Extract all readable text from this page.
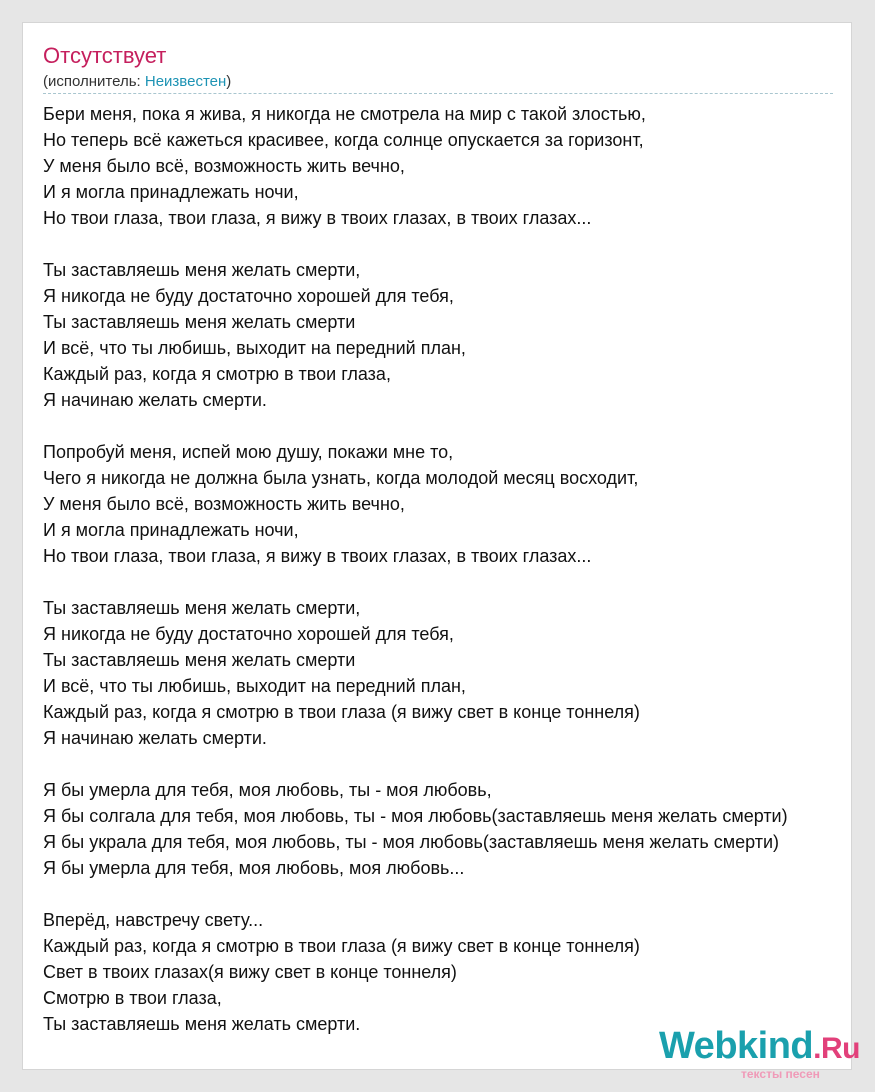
Отсутствует
(исполнитель: Неизвестен)
Бери меня, пока я жива, я никогда не смотрела на мир с такой злостью,
Но теперь всё кажеться красивее, когда солнце опускается за горизонт,
У меня было всё, возможность жить вечно,
И я могла принадлежать ночи,
Но твои глаза, твои глаза, я вижу в твоих глазах, в твоих глазах...
Ты заставляешь меня желать смерти,
Я никогда не буду достаточно хорошей для тебя,
Ты заставляешь меня желать смерти
И всё, что ты любишь, выходит на передний план,
Каждый раз, когда я смотрю в твои глаза,
Я начинаю желать смерти.
Попробуй меня, испей мою душу, покажи мне то,
Чего я никогда не должна была узнать, когда молодой месяц восходит,
У меня было всё, возможность жить вечно,
И я могла принадлежать ночи,
Но твои глаза, твои глаза, я вижу в твоих глазах, в твоих глазах...
Ты заставляешь меня желать смерти,
Я никогда не буду достаточно хорошей для тебя,
Ты заставляешь меня желать смерти
И всё, что ты любишь, выходит на передний план,
Каждый раз, когда я смотрю в твои глаза (я вижу свет в конце тоннеля)
Я начинаю желать смерти.
Я бы умерла для тебя, моя любовь, ты - моя любовь,
Я бы солгала для тебя, моя любовь, ты - моя любовь(заставляешь меня желать смерти)
Я бы украла для тебя, моя любовь, ты - моя любовь(заставляешь меня желать смерти)
Я бы умерла для тебя, моя любовь, моя любовь...
Вперёд, навстречу свету...
Каждый раз, когда я смотрю в твои глаза (я вижу свет в конце тоннеля)
Свет в твоих глазах(я вижу свет в конце тоннеля)
Смотрю в твои глаза,
Ты заставляешь меня желать смерти.
Webkind.Ru
тексты песен
